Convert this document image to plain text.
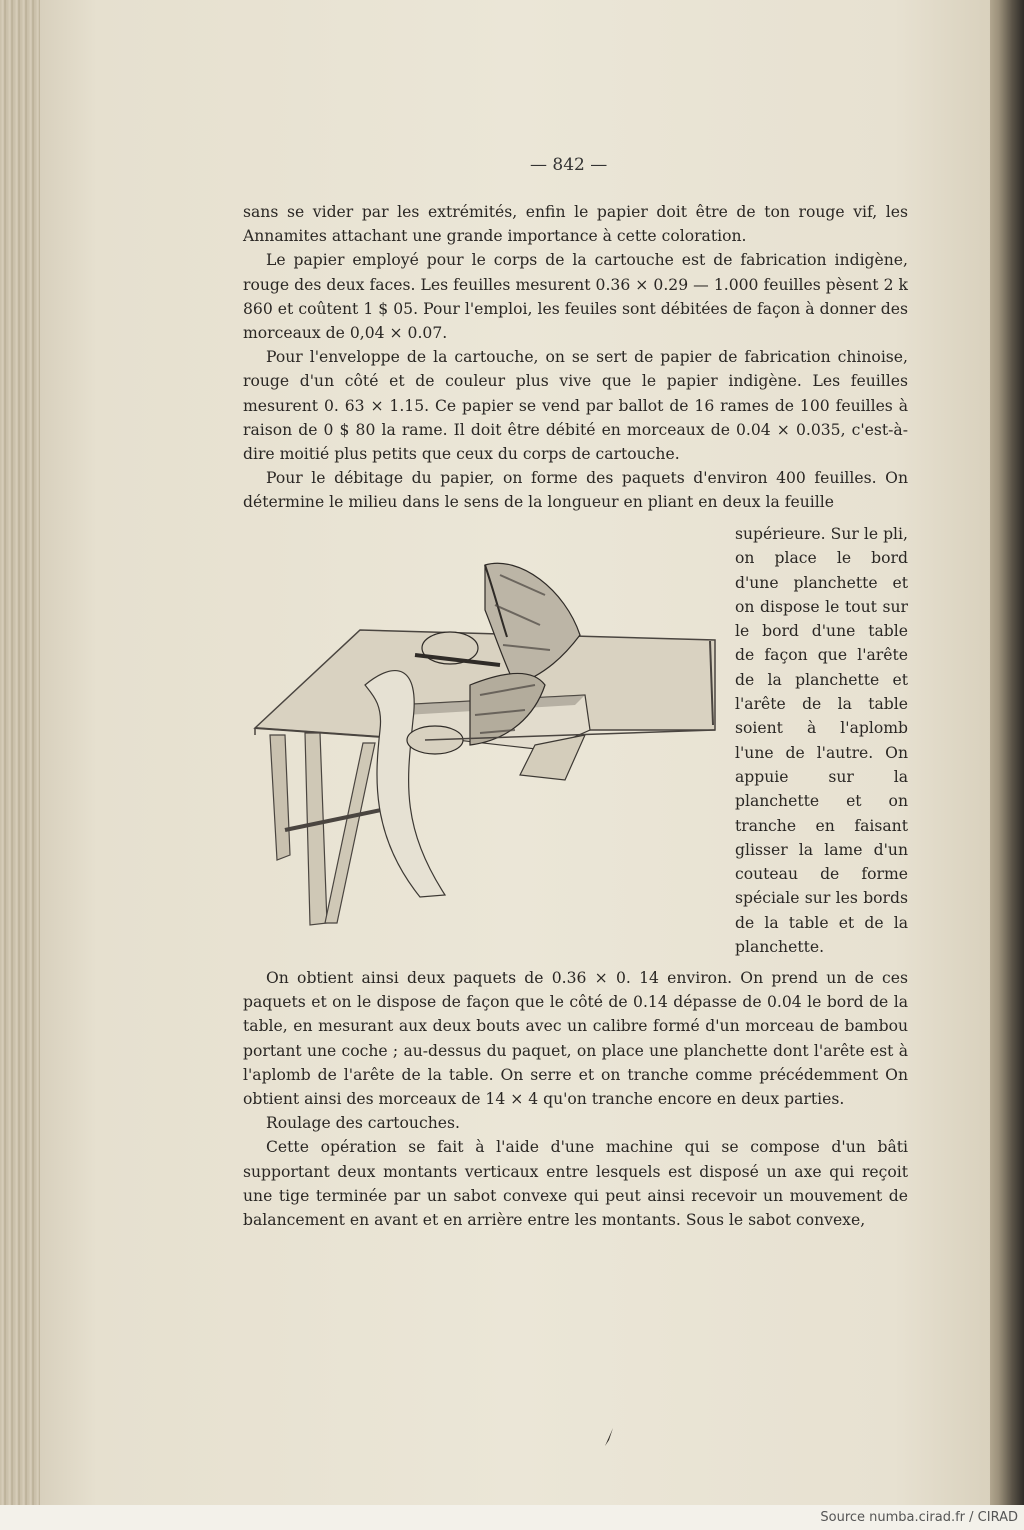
— 842 —

sans se vider par les extrémités, enfin le papier doit être de ton rouge vif, les Annamites attachant une grande importance à cette coloration.

Le papier employé pour le corps de la cartouche est de fabrication indigène, rouge des deux faces. Les feuilles mesurent 0.36 × 0.29 — 1.000 feuilles pèsent 2 k 860 et coûtent 1 $ 05. Pour l'emploi, les feuiles sont débitées de façon à donner des morceaux de 0,04 × 0.07.

Pour l'enveloppe de la cartouche, on se sert de papier de fabrication chinoise, rouge d'un côté et de couleur plus vive que le papier indigène. Les feuilles mesurent 0. 63 × 1.15. Ce papier se vend par ballot de 16 rames de 100 feuilles à raison de 0 $ 80 la rame. Il doit être débité en morceaux de 0.04 × 0.035, c'est-à-dire moitié plus petits que ceux du corps de cartouche.

Pour le débitage du papier, on forme des paquets d'environ 400 feuilles. On détermine le milieu dans le sens de la longueur en pliant en deux la feuille

supérieure. Sur le pli, on place le bord d'une planchette et on dispose le tout sur le bord d'une table de façon que l'arête de la planchette et l'arête de la table soient à l'aplomb l'une de l'autre. On appuie sur la planchette et on tranche en faisant glisser la lame d'un couteau de forme spéciale sur les bords de la table et de la planchette.

On obtient ainsi deux paquets de 0.36 × 0. 14 environ. On prend un de ces paquets et on le dispose de façon que le côté de 0.14 dépasse de 0.04 le bord de la table, en mesurant aux deux bouts avec un calibre formé d'un morceau de bambou portant une coche ; au-dessus du paquet, on place une planchette dont l'arête est à l'aplomb de l'arête de la table. On serre et on tranche comme précédemment On obtient ainsi des morceaux de 14 × 4 qu'on tranche encore en deux parties.

Roulage des cartouches.

Cette opération se fait à l'aide d'une machine qui se compose d'un bâti supportant deux montants verticaux entre lesquels est disposé un axe qui reçoit une tige terminée par un sabot convexe qui peut ainsi recevoir un mouvement de balancement en avant et en arrière entre les montants. Sous le sabot convexe,

Source numba.cirad.fr / CIRAD
